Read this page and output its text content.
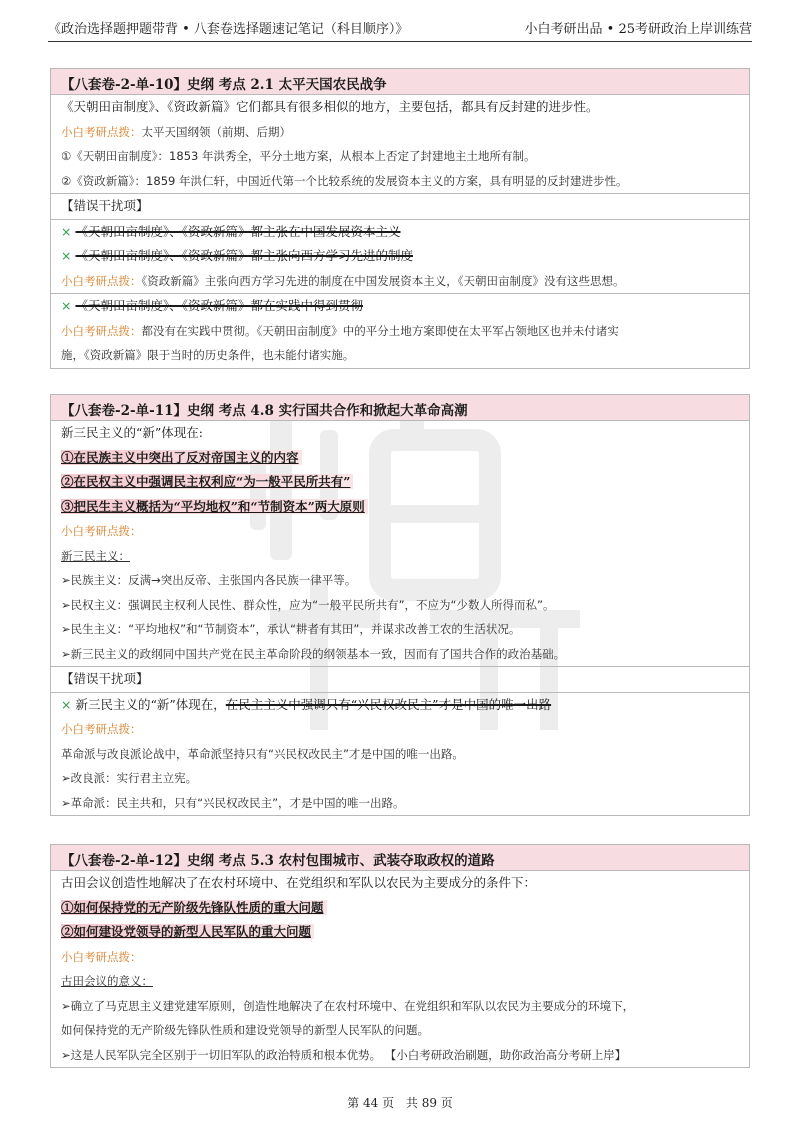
《政治选择题押题带背 • 八套卷选择题速记笔记（科目顺序）》	小白考研出品 • 25考研政治上岸训练营
【八套卷-2-单-10】史纲 考点 2.1 太平天国农民战争
《天朝田亩制度》、《资政新篇》它们都具有很多相似的地方，主要包括，都具有反封建的进步性。
小白考研点拨：太平天国纲领（前期、后期）
①《天朝田亩制度》：1853 年洪秀全，平分土地方案，从根本上否定了封建地主土地所有制。
②《资政新篇》：1859 年洪仁轩，中国近代第一个比较系统的发展资本主义的方案，具有明显的反封建进步性。
【错误干扰项】
× 《天朝田亩制度》、《资政新篇》都主张在中国发展资本主义
× 《天朝田亩制度》、《资政新篇》都主张向西方学习先进的制度
小白考研点拨：《资政新篇》主张向西方学习先进的制度在中国发展资本主义，《天朝田亩制度》没有这些思想。
× 《天朝田亩制度》、《资政新篇》都在实践中得到贯彻
小白考研点拨：都没有在实践中贯彻。《天朝田亩制度》中的平分土地方案即使在太平军占领地区也并未付诸实
施，《资政新篇》限于当时的历史条件，也未能付诸实施。
【八套卷-2-单-11】史纲 考点 4.8 实行国共合作和掀起大革命高潮
新三民主义的“新”体现在:
①在民族主义中突出了反对帝国主义的内容
②在民权主义中强调民主权利应“为一般平民所共有”
③把民生主义概括为“平均地权”和“节制资本”两大原则
小白考研点拨：
新三民主义：
➢民族主义：反满→突出反帝、主张国内各民族一律平等。
➢民权主义：强调民主权利人民性、群众性，应为“一般平民所共有”，不应为“少数人所得而私”。
➢民生主义：“平均地权”和“节制资本”，承认“耕者有其田”，并谋求改善工农的生活状况。
➢新三民主义的政纲同中国共产党在民主革命阶段的纲领基本一致，因而有了国共合作的政治基础。
【错误干扰项】
× 新三民主义的“新”体现在，在民主主义中强调只有“兴民权改民主”才是中国的唯一出路
小白考研点拨：
革命派与改良派论战中，革命派坚持只有“兴民权改民主”才是中国的唯一出路。
➢改良派：实行君主立宪。
➢革命派：民主共和，只有“兴民权改民主”，才是中国的唯一出路。
【八套卷-2-单-12】史纲 考点 5.3 农村包围城市、武装夺取政权的道路
古田会议创造性地解决了在农村环境中、在党组织和军队以农民为主要成分的条件下：
①如何保持党的无产阶级先锋队性质的重大问题
②如何建设党领导的新型人民军队的重大问题
小白考研点拨：
古田会议的意义：
➢确立了马克思主义建党建军原则，创造性地解决了在农村环境中、在党组织和军队以农民为主要成分的环境下，
如何保持党的无产阶级先锋队性质和建设党领导的新型人民军队的问题。
➢这是人民军队完全区别于一切旧军队的政治特质和根本优势。 【小白考研政治刷题，助你政治高分考研上岸】
第 44 页 共 89 页
